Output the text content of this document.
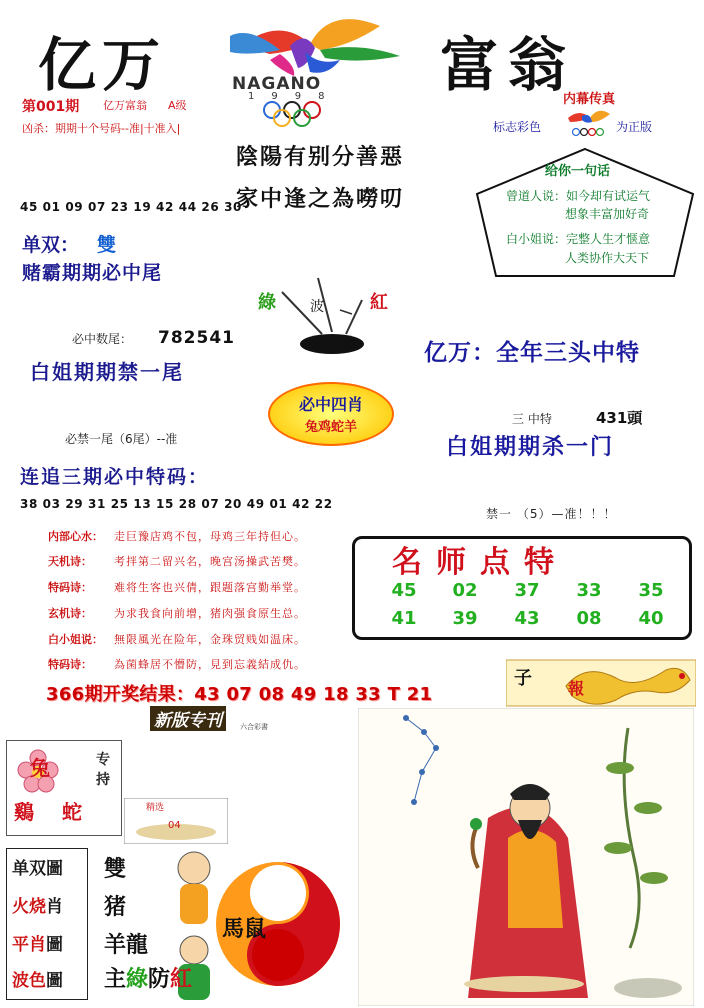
亿万	NAGANO
1998 富翁
第001期 亿万富翁 A级
凶杀：期期十个号码--准|十准入|
陰陽有别分善惡
家中逢之為嘮叨
内幕传真
标志彩色	为正版
给你一句话
曾道人说：如今却有试运气
想象丰富加好奇
白小姐说：完整人生才惬意
人类协作大天下
45 01 09 07 23 19 42 44 26 30
单双： 雙
赌霸期期必中尾
必中数尾： 782541
白姐期期禁一尾
必禁一尾（6尾）--准
连追三期必中特码：
38 03 29 31 25 13 15 28 07 20 49 01 42 22
綠 波	紅
必中四肖
兔鸡蛇羊
亿万：全年三头中特
三 中特	431頭
白姐期期杀一门
禁一 （5）—准！！！
内部心水：	走巨豫店鸡不包，母鸡三年持但心。
天机诗：	考拌第二留兴名，晚宫汤操武苦樊。
特码诗：	难将生客也兴倩，跟题落宫勤举堂。
玄机诗：	为求我食向前增，猪肉强食原生总。
白小姐说：	無限風光在险年，金珠贸贱如温床。
特码诗：	為菌蜂居不懵防，見到忘義結成仇。
名师点特
45	02	37	33	35
41	39	43	08	40
366期开奖结果：43 07 08 49 18 33 T 21
子 報
新版专刊	六合彩書
兔
鷄 蛇
专持
精选
04
单双圖
火烧肖
平肖圖
波色圖
雙
猪
羊龍
馬鼠
主綠防紅
